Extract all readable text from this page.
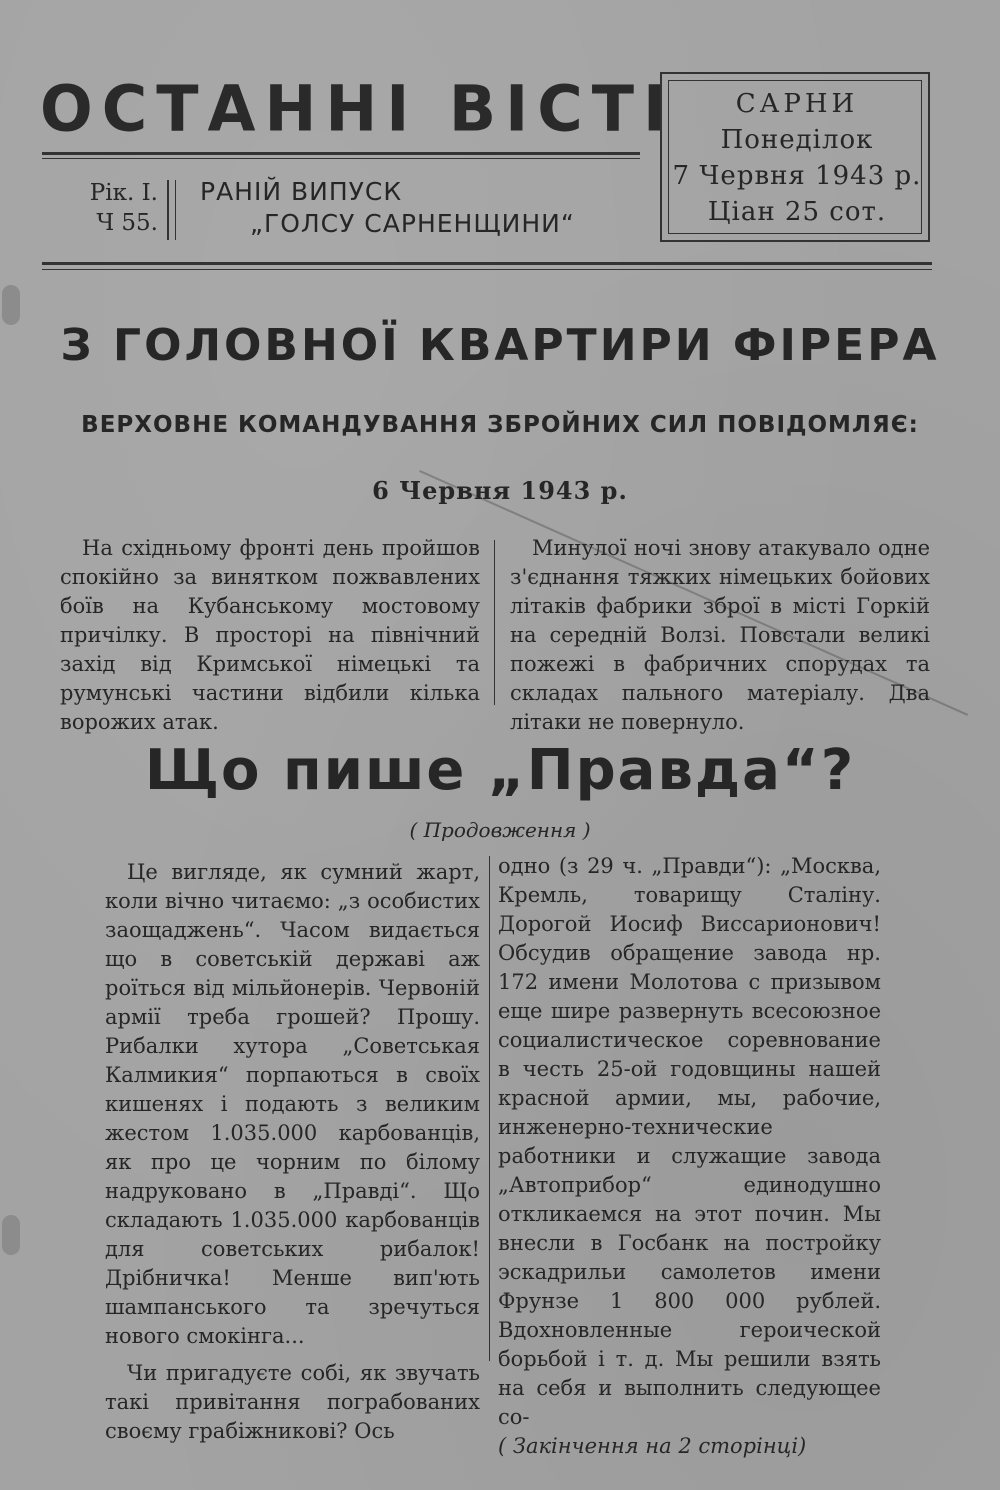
ОСТАННІ ВІСТІ
Рік. І.
Ч 55.
РАНІЙ ВИПУСК
„ГОЛСУ САРНЕНЩИНИ“
САРНИ
Понеділок
7 Червня 1943 р.
Ціан 25 сот.
З ГОЛОВНОЇ КВАРТИРИ ФІРЕРА
ВЕРХОВНЕ КОМАНДУВАННЯ ЗБРОЙНИХ СИЛ ПОВІДОМЛЯЄ:
6 Червня 1943 р.

На східньому фронті день пройшов спокійно за винятком пожвавлених боїв на Кубанському мостовому причілку. В просторі на північний захід від Кримської німецькі та румунські частини відбили кілька ворожих атак.

Минулої ночі знову атакувало одне з'єднання тяжких німецьких бойових літаків фабрики зброї в місті Горкій на середній Волзі. Повстали великі пожежі в фабричних спорудах та складах пального матеріалу. Два літаки не повернуло.

Що пише „Правда“?
( Продовження )

Це вигляде, як сумний жарт, коли вічно читаємо: „з особистих заощаджень“. Часом видається що в советській державі аж роїться від мільйонерів. Червоній армії треба грошей? Прошу. Рибалки хутора „Советськая Калмикия“ порпаються в своїх кишенях і подають з великим жестом 1.035.000 карбованців, як про це чорним по білому надруковано в „Правді“. Що складають 1.035.000 карбованців для советських рибалок! Дрібничка! Менше вип'ють шампанського та зречуться нового смокінга...

Чи пригадуєте собі, як звучать такі привітання пограбованих своєму грабіжникові? Ось

одно (з 29 ч. „Правди“): „Москва, Кремль, товарищу Сталіну. Дорогой Иосиф Виссарионович! Обсудив обращение завода нр. 172 имени Молотова с призывом еще шире развернуть всесоюзное социалистическое соревнование в честь 25-ой годовщины нашей красной армии, мы, рабочие, инженерно-технические работники и служащие завода „Автоприбор“ единодушно откликаемся на этот почин. Мы внесли в Госбанк на постройку эскадрильи самолетов имени Фрунзе 1 800 000 рублей. Вдохновленные героической борьбой і т. д. Мы решили взять на себя и выполнить следующее со-

( Закінчення на 2 сторінці)
